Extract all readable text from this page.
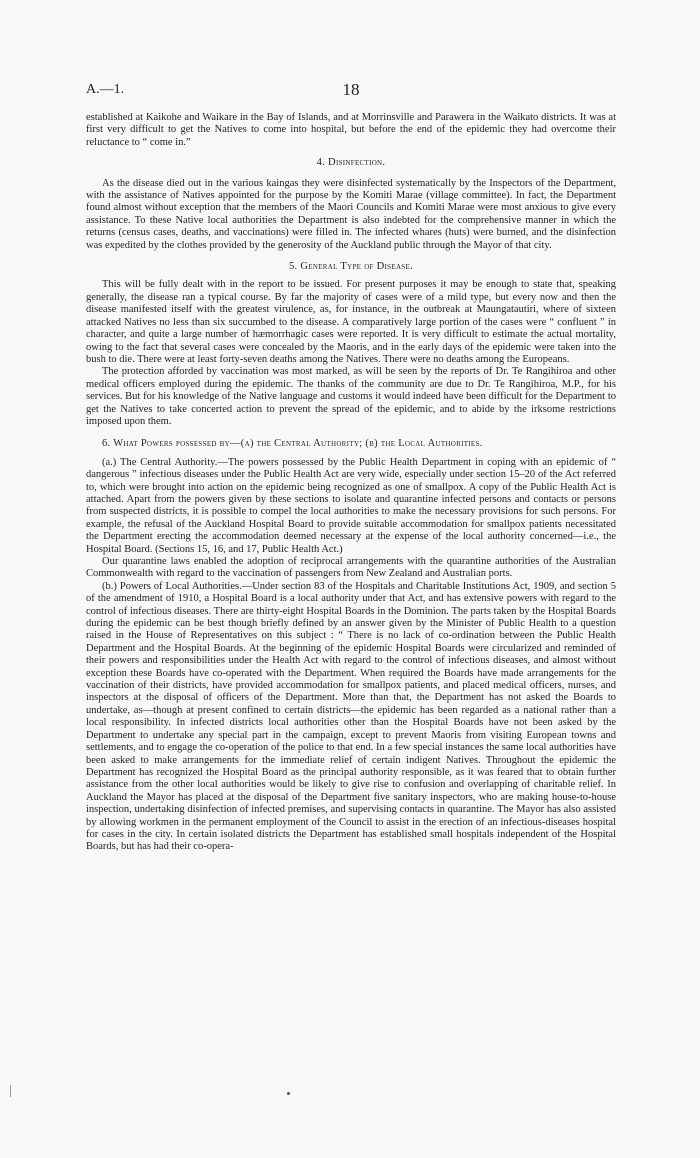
A.—1.	18

established at Kaikohe and Waikare in the Bay of Islands, and at Morrinsville and Parawera in the Waikato districts. It was at first very difficult to get the Natives to come into hospital, but before the end of the epidemic they had overcome their reluctance to “ come in.”

4. Disinfection.

As the disease died out in the various kaingas they were disinfected systematically by the Inspectors of the Department, with the assistance of Natives appointed for the purpose by the Komiti Marae (village committee). In fact, the Department found almost without exception that the members of the Maori Councils and Komiti Marae were most anxious to give every assistance. To these Native local authorities the Department is also indebted for the comprehensive manner in which the returns (census cases, deaths, and vaccinations) were filled in. The infected whares (huts) were burned, and the disinfection was expedited by the clothes provided by the generosity of the Auckland public through the Mayor of that city.

5. General Type of Disease.

This will be fully dealt with in the report to be issued. For present purposes it may be enough to state that, speaking generally, the disease ran a typical course. By far the majority of cases were of a mild type, but every now and then the disease manifested itself with the greatest virulence, as, for instance, in the outbreak at Maungatautiri, where of sixteen attacked Natives no less than six succumbed to the disease. A comparatively large portion of the cases were “ confluent ” in character, and quite a large number of hæmorrhagic cases were reported. It is very difficult to estimate the actual mortality, owing to the fact that several cases were concealed by the Maoris, and in the early days of the epidemic were taken into the bush to die. There were at least forty-seven deaths among the Natives. There were no deaths among the Europeans.

The protection afforded by vaccination was most marked, as will be seen by the reports of Dr. Te Rangihiroa and other medical officers employed during the epidemic. The thanks of the community are due to Dr. Te Rangihiroa, M.P., for his services. But for his knowledge of the Native language and customs it would indeed have been difficult for the Department to get the Natives to take concerted action to prevent the spread of the epidemic, and to abide by the irksome restrictions imposed upon them.

6. What Powers possessed by—(a) the Central Authority; (b) the Local Authorities.

(a.) The Central Authority.—The powers possessed by the Public Health Department in coping with an epidemic of “ dangerous ” infectious diseases under the Public Health Act are very wide, especially under section 15–20 of the Act referred to, which were brought into action on the epidemic being recognized as one of smallpox. A copy of the Public Health Act is attached. Apart from the powers given by these sections to isolate and quarantine infected persons and contacts or persons from suspected districts, it is possible to compel the local authorities to make the necessary provisions for such persons. For example, the refusal of the Auckland Hospital Board to provide suitable accommodation for smallpox patients necessitated the Department erecting the accommodation deemed necessary at the expense of the local authority concerned—i.e., the Hospital Board. (Sections 15, 16, and 17, Public Health Act.)

Our quarantine laws enabled the adoption of reciprocal arrangements with the quarantine authorities of the Australian Commonwealth with regard to the vaccination of passengers from New Zealand and Australian ports.

(b.) Powers of Local Authorities.—Under section 83 of the Hospitals and Charitable Institutions Act, 1909, and section 5 of the amendment of 1910, a Hospital Board is a local authority under that Act, and has extensive powers with regard to the control of infectious diseases. There are thirty-eight Hospital Boards in the Dominion. The parts taken by the Hospital Boards during the epidemic can be best though briefly defined by an answer given by the Minister of Public Health to a question raised in the House of Representatives on this subject : “ There is no lack of co-ordination between the Public Health Department and the Hospital Boards. At the beginning of the epidemic Hospital Boards were circularized and reminded of their powers and responsibilities under the Health Act with regard to the control of infectious diseases, and almost without exception these Boards have co-operated with the Department. When required the Boards have made arrangements for the vaccination of their districts, have provided accommodation for smallpox patients, and placed medical officers, nurses, and inspectors at the disposal of officers of the Department. More than that, the Department has not asked the Boards to undertake, as—though at present confined to certain districts—the epidemic has been regarded as a national rather than a local responsibility. In infected districts local authorities other than the Hospital Boards have not been asked by the Department to undertake any special part in the campaign, except to prevent Maoris from visiting European towns and settlements, and to engage the co-operation of the police to that end. In a few special instances the same local authorities have been asked to make arrangements for the immediate relief of certain indigent Natives. Throughout the epidemic the Department has recognized the Hospital Board as the principal authority responsible, as it was feared that to obtain further assistance from the other local authorities would be likely to give rise to confusion and overlapping of charitable relief. In Auckland the Mayor has placed at the disposal of the Department five sanitary inspectors, who are making house-to-house inspection, undertaking disinfection of infected premises, and supervising contacts in quarantine. The Mayor has also assisted by allowing workmen in the permanent employment of the Council to assist in the erection of an infectious-diseases hospital for cases in the city. In certain isolated districts the Department has established small hospitals independent of the Hospital Boards, but has had their co-opera-
